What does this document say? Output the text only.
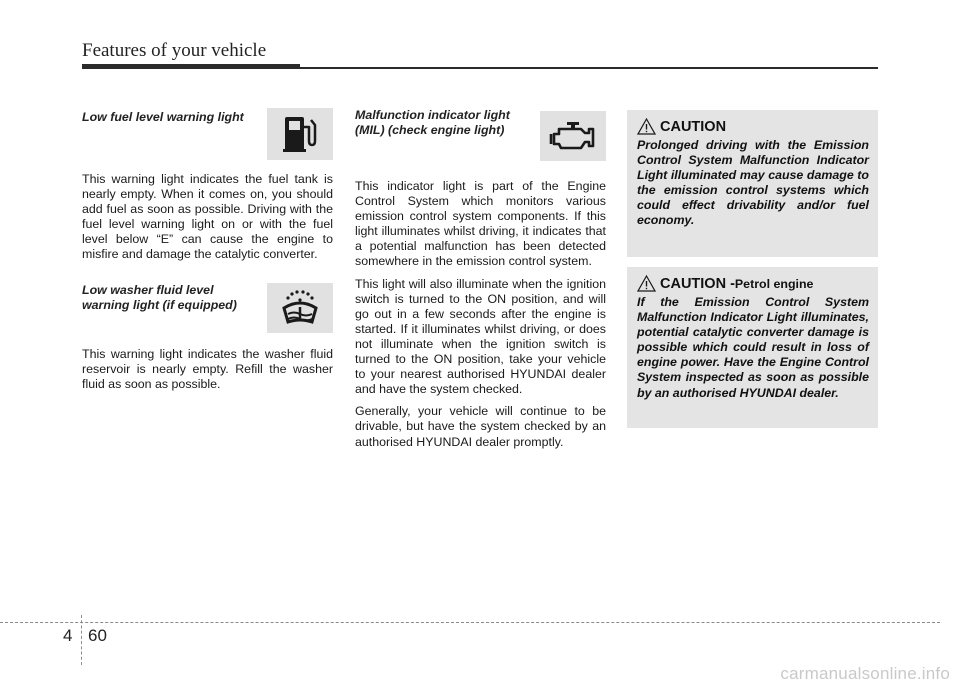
Features of your vehicle
Low fuel level warning light

This warning light indicates the fuel tank is nearly empty. When it comes on, you should add fuel as soon as possible. Driving with the fuel level warning light on or with the fuel level below “E” can cause the engine to misfire and damage the catalytic converter.

Low washer fluid level
warning light (if equipped)

This warning light indicates the washer fluid reservoir is nearly empty. Refill the washer fluid as soon as possible.

Malfunction indicator light
(MIL) (check engine light)

This indicator light is part of the Engine Control System which monitors various emission control system components. If this light illuminates whilst driving, it indicates that a potential malfunction has been detected somewhere in the emission control system.

This light will also illuminate when the ignition switch is turned to the ON position, and will go out in a few seconds after the engine is started. If it illuminates whilst driving, or does not illuminate when the ignition switch is turned to the ON position, take your vehicle to your nearest authorised HYUNDAI dealer and have the system checked.

Generally, your vehicle will continue to be drivable, but have the system checked by an authorised HYUNDAI dealer promptly.

CAUTION

Prolonged driving with the Emission Control System Malfunction Indicator Light illuminated may cause damage to the emission control systems which could effect drivability and/or fuel economy.

CAUTION - Petrol engine

If the Emission Control System Malfunction Indicator Light illuminates, potential catalytic converter damage is possible which could result in loss of engine power. Have the Engine Control System inspected as soon as possible by an authorised HYUNDAI dealer.

4 60
carmanualsonline.info
